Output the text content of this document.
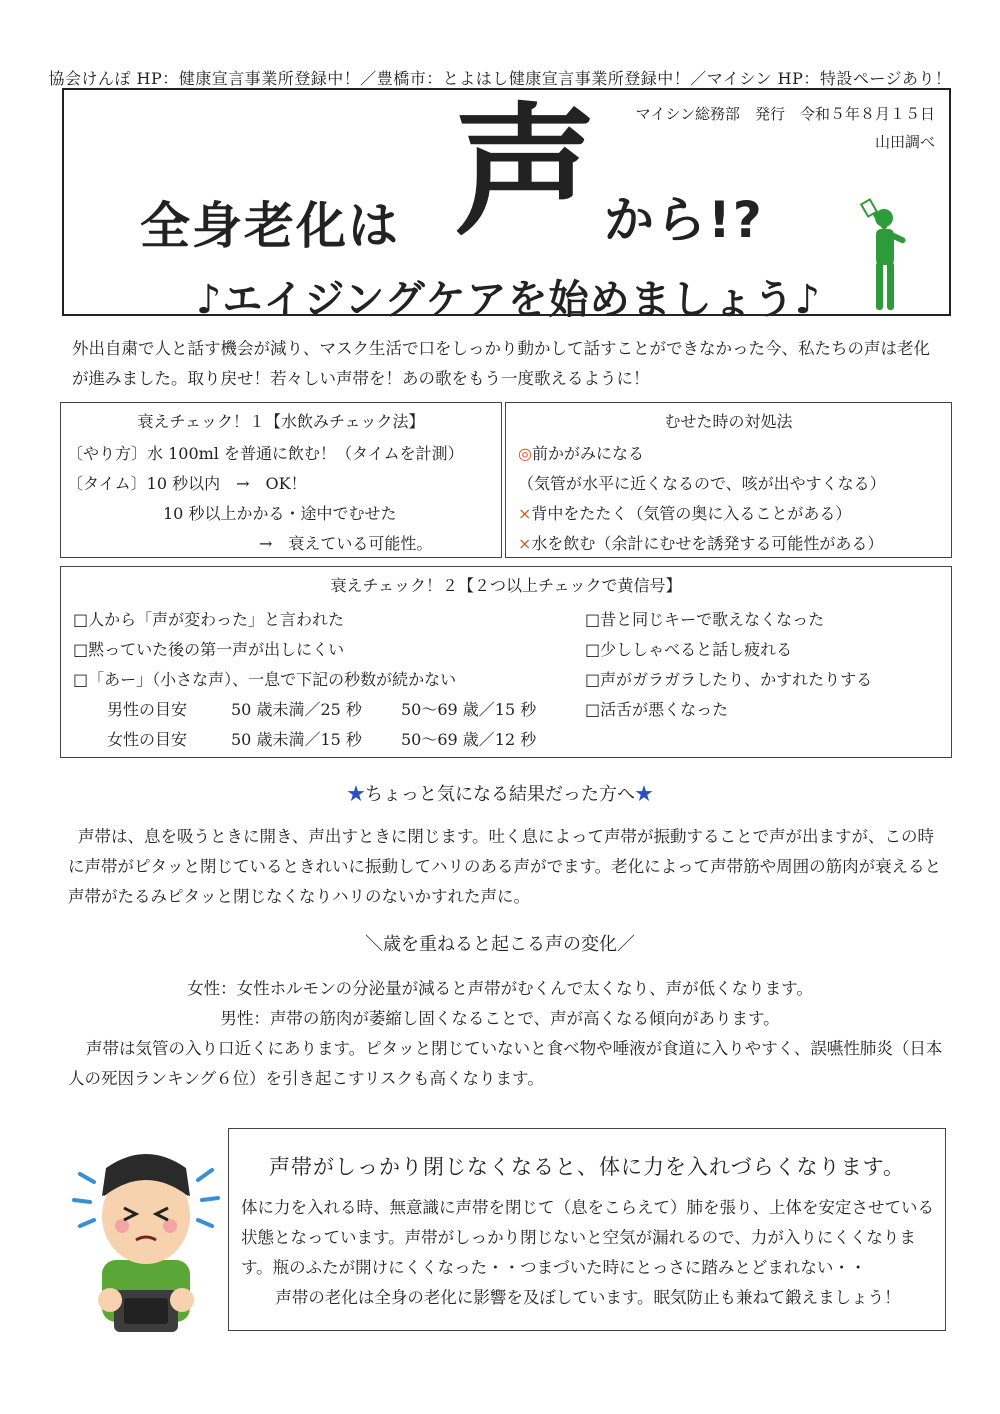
協会けんぽ HP：健康宣言事業所登録中！／豊橋市：とよはし健康宣言事業所登録中！／マイシン HP：特設ページあり！
マイシン総務部　発行　令和５年８月１５日
山田調べ
全身老化は 声 から!?
♪エイジングケアを始めましょう♪
外出自粛で人と話す機会が減り、マスク生活で口をしっかり動かして話すことができなかった今、私たちの声は老化が進みました。取り戻せ！若々しい声帯を！あの歌をもう一度歌えるように！
衰えチェック！１【水飲みチェック法】
〔やり方〕水 100ml を普通に飲む！（タイムを計測）
〔タイム〕10 秒以内　→　OK！
10 秒以上かかる・途中でむせた
→　衰えている可能性。
むせた時の対処法
◎前かがみになる
（気管が水平に近くなるので、咳が出やすくなる）
×背中をたたく（気管の奥に入ることがある）
×水を飲む（余計にむせを誘発する可能性がある）
衰えチェック！２【２つ以上チェックで黄信号】
□人から「声が変わった」と言われた
□黙っていた後の第一声が出しにくい
□「あー」（小さな声）、一息で下記の秒数が続かない
男性の目安	50 歳未満／25 秒 50～69 歳／15 秒
女性の目安	50 歳未満／15 秒 50～69 歳／12 秒
□昔と同じキーで歌えなくなった
□少ししゃべると話し疲れる
□声がガラガラしたり、かすれたりする
□活舌が悪くなった
★ちょっと気になる結果だった方へ★
声帯は、息を吸うときに開き、声出すときに閉じます。吐く息によって声帯が振動することで声が出ますが、この時に声帯がピタッと閉じているときれいに振動してハリのある声がでます。老化によって声帯筋や周囲の筋肉が衰えると声帯がたるみピタッと閉じなくなりハリのないかすれた声に。
＼歳を重ねると起こる声の変化／
女性：女性ホルモンの分泌量が減ると声帯がむくんで太くなり、声が低くなります。
男性：声帯の筋肉が萎縮し固くなることで、声が高くなる傾向があります。
声帯は気管の入り口近くにあります。ピタッと閉じていないと食べ物や唾液が食道に入りやすく、誤嚥性肺炎（日本人の死因ランキング６位）を引き起こすリスクも高くなります。
声帯がしっかり閉じなくなると、体に力を入れづらくなります。
体に力を入れる時、無意識に声帯を閉じて（息をこらえて）肺を張り、上体を安定させている状態となっています。声帯がしっかり閉じないと空気が漏れるので、力が入りにくくなります。瓶のふたが開けにくくなった・・つまづいた時にとっさに踏みとどまれない・・
声帯の老化は全身の老化に影響を及ぼしています。眠気防止も兼ねて鍛えましょう！
